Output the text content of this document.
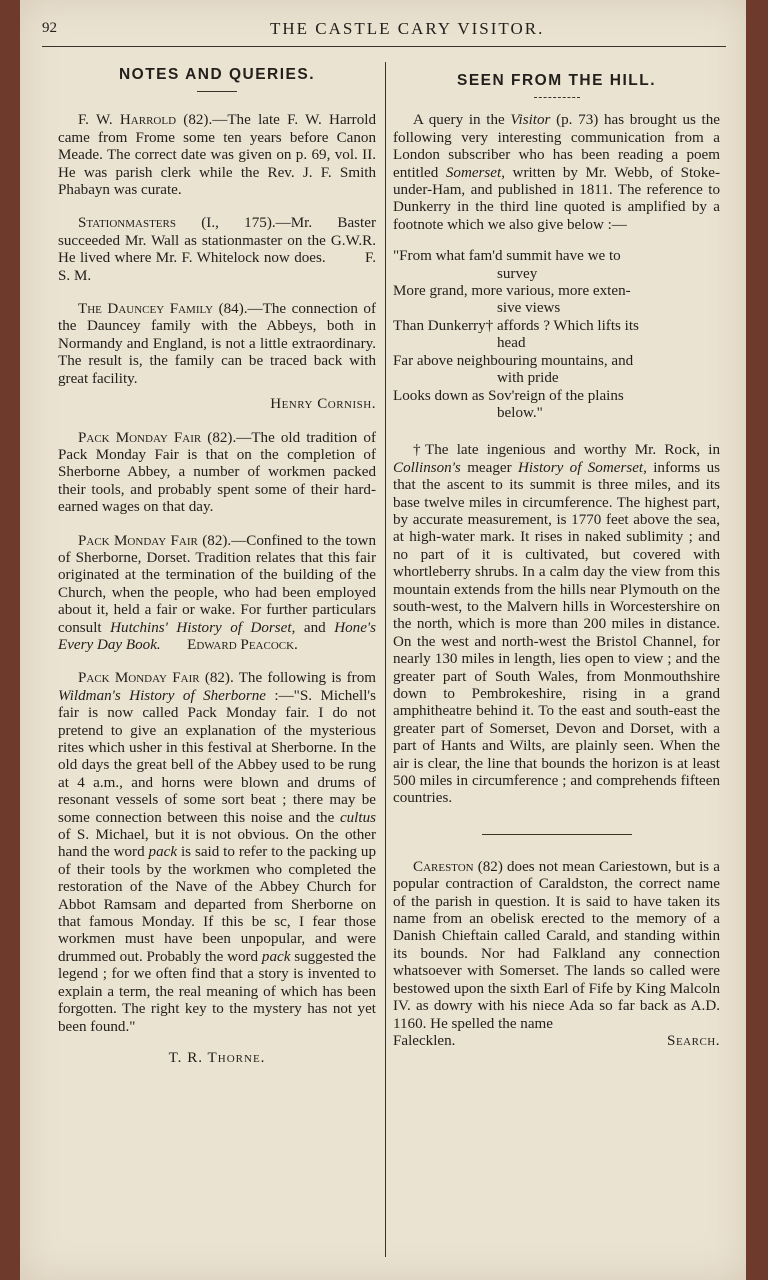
92	THE CASTLE CARY VISITOR.
NOTES AND QUERIES.

F. W. Harrold (82).—The late F. W. Harrold came from Frome some ten years before Canon Meade. The correct date was given on p. 69, vol. II. He was parish clerk while the Rev. J. F. Smith Phabayn was curate.

Stationmasters (I., 175).—Mr. Baster succeeded Mr. Wall as stationmaster on the G.W.R. He lived where Mr. F. Whitelock now does.	F. S. M.

The Dauncey Family (84).—The connection of the Dauncey family with the Abbeys, both in Normandy and England, is not a little extraordinary. The result is, the family can be traced back with great facility.

Henry Cornish.

Pack Monday Fair (82).—The old tradition of Pack Monday Fair is that on the completion of Sherborne Abbey, a number of workmen packed their tools, and probably spent some of their hard-earned wages on that day.

Pack Monday Fair (82).—Confined to the town of Sherborne, Dorset. Tradition relates that this fair originated at the termination of the building of the Church, when the people, who had been employed about it, held a fair or wake. For further particulars consult Hutchins' History of Dorset, and Hone's Every Day Book. Edward Peacock.

Pack Monday Fair (82). The following is from Wildman's History of Sherborne :—"S. Michell's fair is now called Pack Monday fair. I do not pretend to give an explanation of the mysterious rites which usher in this festival at Sherborne. In the old days the great bell of the Abbey used to be rung at 4 a.m., and horns were blown and drums of resonant vessels of some sort beat ; there may be some connection between this noise and the cultus of S. Michael, but it is not obvious. On the other hand the word pack is said to refer to the packing up of their tools by the workmen who completed the restoration of the Nave of the Abbey Church for Abbot Ramsam and departed from Sherborne on that famous Monday. If this be sc, I fear those workmen must have been unpopular, and were drummed out. Probably the word pack suggested the legend ; for we often find that a story is invented to explain a term, the real meaning of which has been forgotten. The right key to the mystery has not yet been found."

T. R. Thorne.
SEEN FROM THE HILL.

A query in the Visitor (p. 73) has brought us the following very interesting communication from a London subscriber who has been reading a poem entitled Somerset, written by Mr. Webb, of Stoke-under-Ham, and published in 1811. The reference to Dunkerry in the third line quoted is amplified by a footnote which we also give below :—

"From what fam'd summit have we to
survey
More grand, more various, more exten-
sive views
Than Dunkerry† affords ? Which lifts its
head
Far above neighbouring mountains, and
with pride
Looks down as Sov'reign of the plains
below."

†The late ingenious and worthy Mr. Rock, in Collinson's meager History of Somerset, informs us that the ascent to its summit is three miles, and its base twelve miles in circumference. The highest part, by accurate measurement, is 1770 feet above the sea, at high-water mark. It rises in naked sublimity ; and no part of it is cultivated, but covered with whortleberry shrubs. In a calm day the view from this mountain extends from the hills near Plymouth on the south-west, to the Malvern hills in Worcestershire on the north, which is more than 200 miles in distance. On the west and north-west the Bristol Channel, for nearly 130 miles in length, lies open to view ; and the greater part of South Wales, from Monmouthshire down to Pembrokeshire, rising in a grand amphitheatre behind it. To the east and south-east the greater part of Somerset, Devon and Dorset, with a part of Hants and Wilts, are plainly seen. When the air is clear, the line that bounds the horizon is at least 500 miles in circumference ; and comprehends fifteen countries.

Careston (82) does not mean Cariestown, but is a popular contraction of Caraldston, the correct name of the parish in question. It is said to have taken its name from an obelisk erected to the memory of a Danish Chieftain called Carald, and standing within its bounds. Nor had Falkland any connection whatsoever with Somerset. The lands so called were bestowed upon the sixth Earl of Fife by King Malcoln IV. as dowry with his niece Ada so far back as A.D. 1160. He spelled the name

Falecklen.	Search.
